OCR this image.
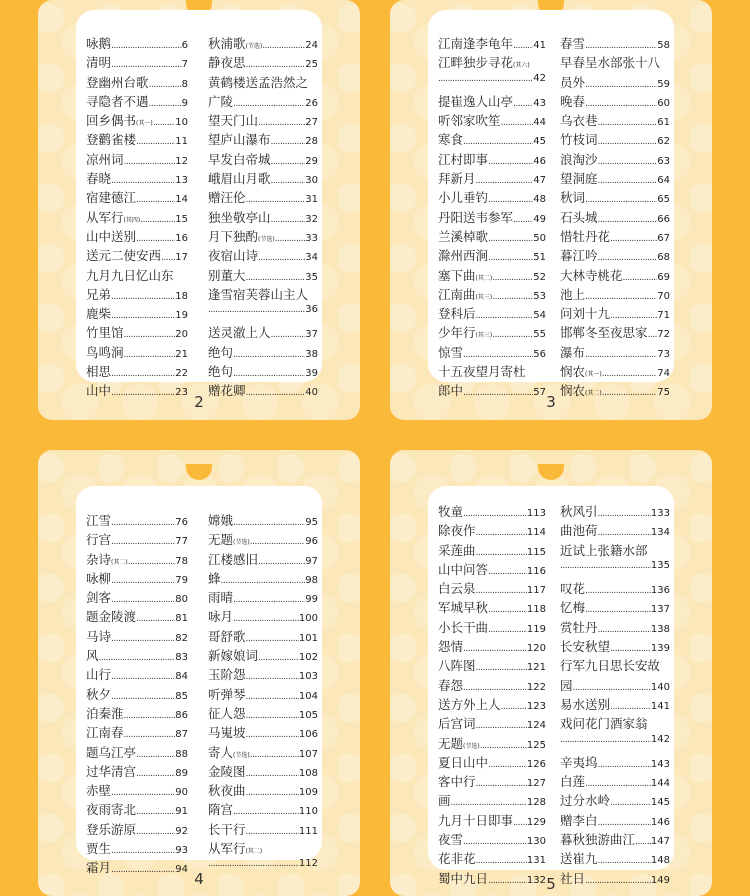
咏鹅 .....	6
清明 .....	7
登幽州台歌 .....	8
寻隐者不遇 .....	9
回乡偶书 (其一) ..... 10
登鹳雀楼 .....	11
凉州词 .....	12
春晓 .....	13
宿建德江 .....	14
从军行 (其四) .....	15
山中送别 .....	16
送元二使安西 ..... 17
九月九日忆山东
兄弟 .....	18
鹿柴 .....	19
竹里馆 .....	20
鸟鸣涧 .....	21
相思 .....	22
山中 .....	23
秋浦歌 (节选) .....	24
静夜思 .....	25
黄鹤楼送孟浩然之
广陵 .....	26
望天门山 .....	27
望庐山瀑布 .....	28
早发白帝城 .....	29
峨眉山月歌 .....	30
赠汪伦 .....	31
独坐敬亭山 .....	32
月下独酌 (节选) .....	33
夜宿山诗 .....	34
别董大 .....	35
逢雪宿芙蓉山主人
.....
36
送灵澈上人 .....	37
绝句 .....	38
绝句 .....	39
赠花卿 .....	40
2
江南逢李龟年 ..... 41
江畔独步寻花 (其六)
.....
42
提崔逸人山亭 ..... 43
听邻家吹笙 .....	44
寒食 .....	45
江村即事 .....	46
拜新月 .....	47
小儿垂钓 .....	48
丹阳送韦参军 ..... 49
兰溪棹歌 .....	50
滁州西涧 .....	51
塞下曲 (其二) .....	52
江南曲 (其三) .....	53
登科后 .....	54
少年行 (其三) .....	55
惊雪 .....	56
十五夜望月寄杜
郎中 .....	57
春雪 .....	58
早春呈水部张十八
员外 .....	59
晚春 .....	60
乌衣巷 .....	61
竹枝词 .....	62
浪淘沙 .....	63
望洞庭 .....	64
秋词 .....	65
石头城 .....	66
惜牡丹花 .....	67
暮江吟 .....	68
大林寺桃花 .....	69
池上 .....	70
问刘十九 .....	71
邯郸冬至夜思家 ..... 72
瀑布 .....	73
悯农 (其一) .....	74
悯农 (其二) .....	75
3
江雪 .....	76
行宫 .....	77
杂诗 (其二) .....	78
咏柳 .....	79
剑客 .....	80
题金陵渡 .....	81
马诗 .....	82
风 .....	83
山行 .....	84
秋夕 .....	85
泊秦淮 .....	86
江南春 .....	87
题乌江亭 .....	88
过华清宫 .....	89
赤壁 .....	90
夜雨寄北 .....	91
登乐游原 .....	92
贾生 .....	93
霜月 .....	94
嫦娥 .....	95
无题 (节选) .....	96
江楼感旧 .....	97
蜂 .....	98
雨晴 .....	99
咏月 .....	100
哥舒歌 .....	101
新嫁娘词 .....	102
玉阶怨 .....	103
听弹琴 .....	104
征人怨 .....	105
马嵬坡 .....	106
寄人 (节选) .....	107
金陵图 .....	108
秋夜曲 .....	109
隋宫 .....	110
长干行 .....	111
从军行 (其二)
.....
112
4
牧童 .....	113
除夜作 .....	114
采莲曲 .....	115
山中问答 .....	116
白云泉 .....	117
军城早秋 .....	118
小长干曲 .....	119
怨情 .....	120
八阵图 .....	121
春怨 .....	122
送方外上人 .....	123
后宫词 .....	124
无题 (节选) .....	125
夏日山中 .....	126
客中行 .....	127
画 .....	128
九月十日即事 ..... 129
夜雪 .....	130
花非花 .....	131
蜀中九日 .....	132
秋风引 .....	133
曲池荷 .....	134
近试上张籍水部
.....
135
叹花 .....	136
忆梅 .....	137
赏牡丹 .....	138
长安秋望 .....	139
行军九日思长安故
园 .....	140
易水送别 .....	141
戏问花门酒家翁
.....
142
辛夷坞 .....	143
白莲 .....	144
过分水岭 .....	145
赠李白 .....	146
暮秋独游曲江 ..... 147
送崔九 .....	148
社日 .....	149
5
